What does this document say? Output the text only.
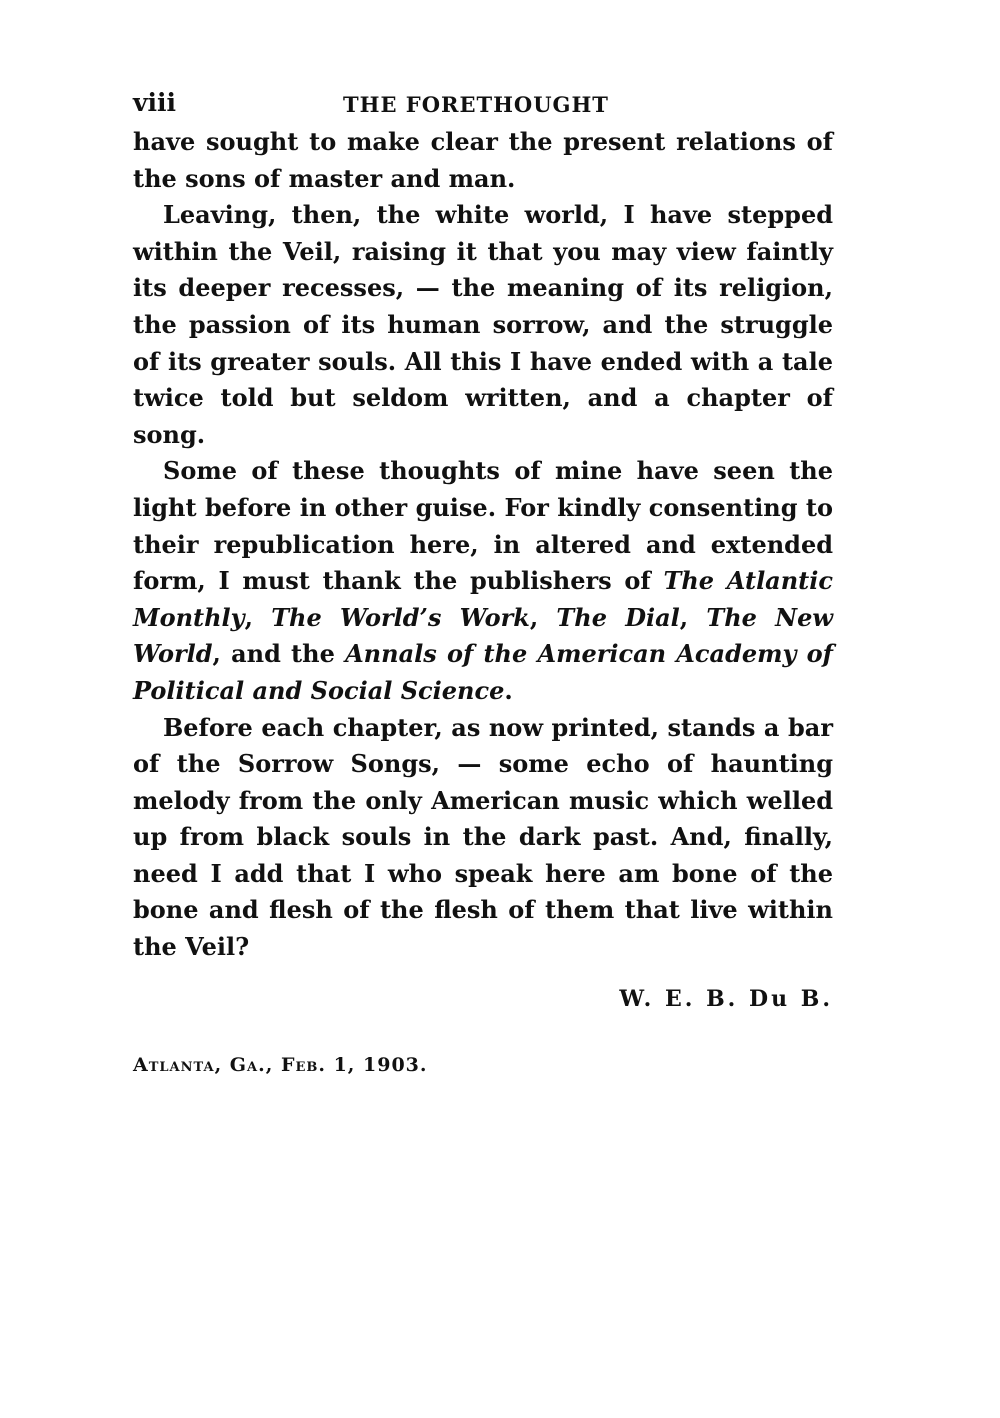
viii	THE FORETHOUGHT

have sought to make clear the present relations of the sons of master and man.

Leaving, then, the white world, I have stepped within the Veil, raising it that you may view faintly its deeper recesses, — the meaning of its religion, the passion of its human sorrow, and the struggle of its greater souls. All this I have ended with a tale twice told but seldom written, and a chapter of song.

Some of these thoughts of mine have seen the light before in other guise. For kindly consenting to their republication here, in altered and extended form, I must thank the publishers of The Atlantic Monthly, The World’s Work, The Dial, The New World, and the Annals of the American Academy of Political and Social Science.

Before each chapter, as now printed, stands a bar of the Sorrow Songs, — some echo of haunting melody from the only American music which welled up from black souls in the dark past. And, finally, need I add that I who speak here am bone of the bone and flesh of the flesh of them that live within the Veil?

W. E. B. Du B.
Atlanta, Ga., Feb. 1, 1903.
